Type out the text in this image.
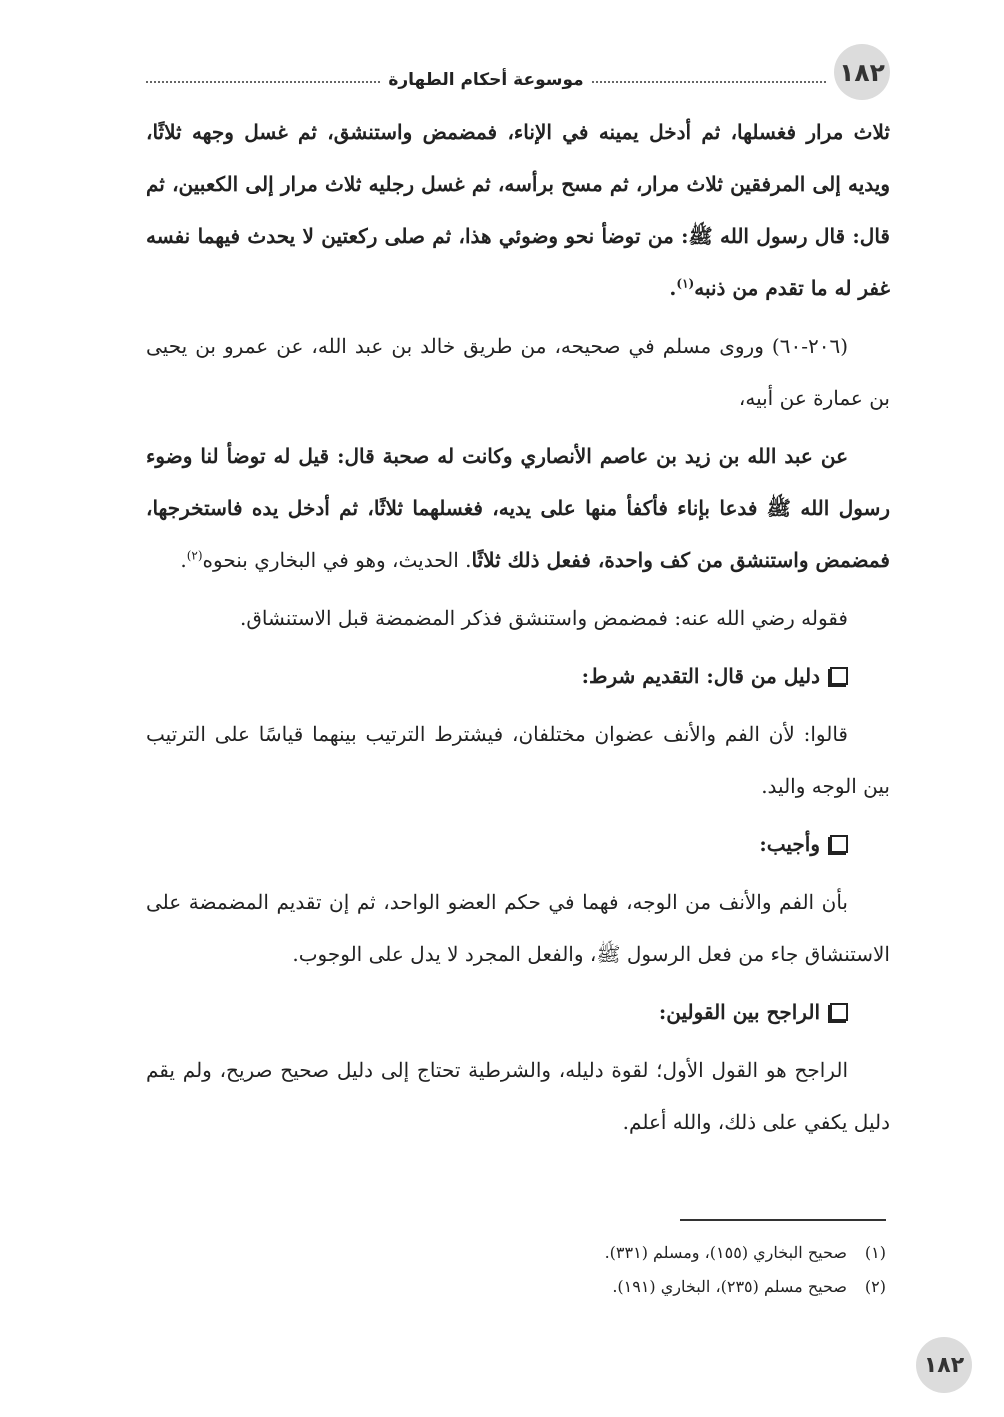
١٨٢
موسوعة أحكام الطهارة

ثلاث مرار فغسلها، ثم أدخل يمينه في الإناء، فمضمض واستنشق، ثم غسل وجهه ثلاثًا، ويديه إلى المرفقين ثلاث مرار، ثم مسح برأسه، ثم غسل رجليه ثلاث مرار إلى الكعبين، ثم قال: قال رسول الله ﷺ: من توضأ نحو وضوئي هذا، ثم صلى ركعتين لا يحدث فيهما نفسه غفر له ما تقدم من ذنبه$^{(١)}$.

(٢٠٦-٦٠) وروى مسلم في صحيحه، من طريق خالد بن عبد الله، عن عمرو بن يحيى بن عمارة عن أبيه،

عن عبد الله بن زيد بن عاصم الأنصاري وكانت له صحبة قال: قيل له توضأ لنا وضوء رسول الله ﷺ فدعا بإناء فأكفأ منها على يديه، فغسلهما ثلاثًا، ثم أدخل يده فاستخرجها، فمضمض واستنشق من كف واحدة، ففعل ذلك ثلاثًا. الحديث، وهو في البخاري بنحوه$^{(٢)}$.

فقوله رضي الله عنه: فمضمض واستنشق فذكر المضمضة قبل الاستنشاق.

دليل من قال: التقديم شرط:

قالوا: لأن الفم والأنف عضوان مختلفان، فيشترط الترتيب بينهما قياسًا على الترتيب بين الوجه واليد.

وأجيب:

بأن الفم والأنف من الوجه، فهما في حكم العضو الواحد، ثم إن تقديم المضمضة على الاستنشاق جاء من فعل الرسول ﷺ، والفعل المجرد لا يدل على الوجوب.

الراجح بين القولين:

الراجح هو القول الأول؛ لقوة دليله، والشرطية تحتاج إلى دليل صحيح صريح، ولم يقم دليل يكفي على ذلك، والله أعلم.

(١)
صحيح البخاري (١٥٥)، ومسلم (٣٣١).
(٢)
صحيح مسلم (٢٣٥)، البخاري (١٩١).
١٨٢
